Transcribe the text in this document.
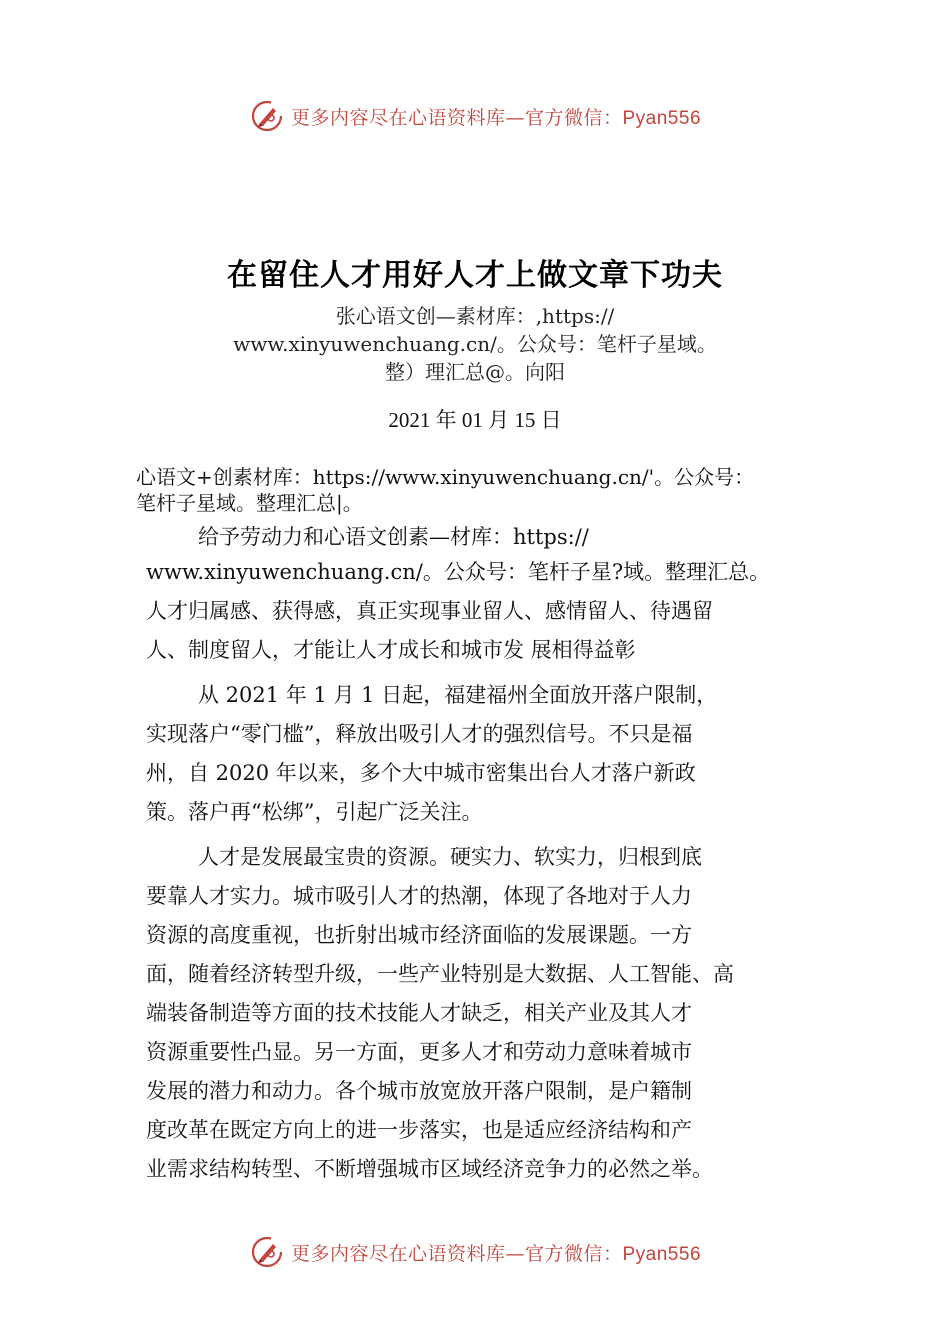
更多内容尽在心语资料库—官方微信：Pyan556
在留住人才用好人才上做文章下功夫
张心语文创—素材库：,https://
www.xinyuwenchuang.cn/。公众号：笔杆子星域。
整）理汇总@。向阳
2021 年 01 月 15 日
心语文+创素材库：https://www.xinyuwenchuang.cn/'。公众号：
笔杆子星域。整理汇总|。
给予劳动力和心语文创素—材库：https://
www.xinyuwenchuang.cn/。公众号：笔杆子星?域。整理汇总。
人才归属感、获得感，真正实现事业留人、感情留人、待遇留
人、制度留人，才能让人才成长和城市发 展相得益彰
从 2021 年 1 月 1 日起，福建福州全面放开落户限制，
实现落户“零门槛”，释放出吸引人才的强烈信号。不只是福
州，自 2020 年以来，多个大中城市密集出台人才落户新政
策。落户再“松绑”，引起广泛关注。
人才是发展最宝贵的资源。硬实力、软实力，归根到底
要靠人才实力。城市吸引人才的热潮，体现了各地对于人力
资源的高度重视，也折射出城市经济面临的发展课题。一方
面，随着经济转型升级，一些产业特别是大数据、人工智能、高
端装备制造等方面的技术技能人才缺乏，相关产业及其人才
资源重要性凸显。另一方面，更多人才和劳动力意味着城市
发展的潜力和动力。各个城市放宽放开落户限制，是户籍制
度改革在既定方向上的进一步落实，也是适应经济结构和产
业需求结构转型、不断增强城市区域经济竞争力的必然之举。
更多内容尽在心语资料库—官方微信：Pyan556
